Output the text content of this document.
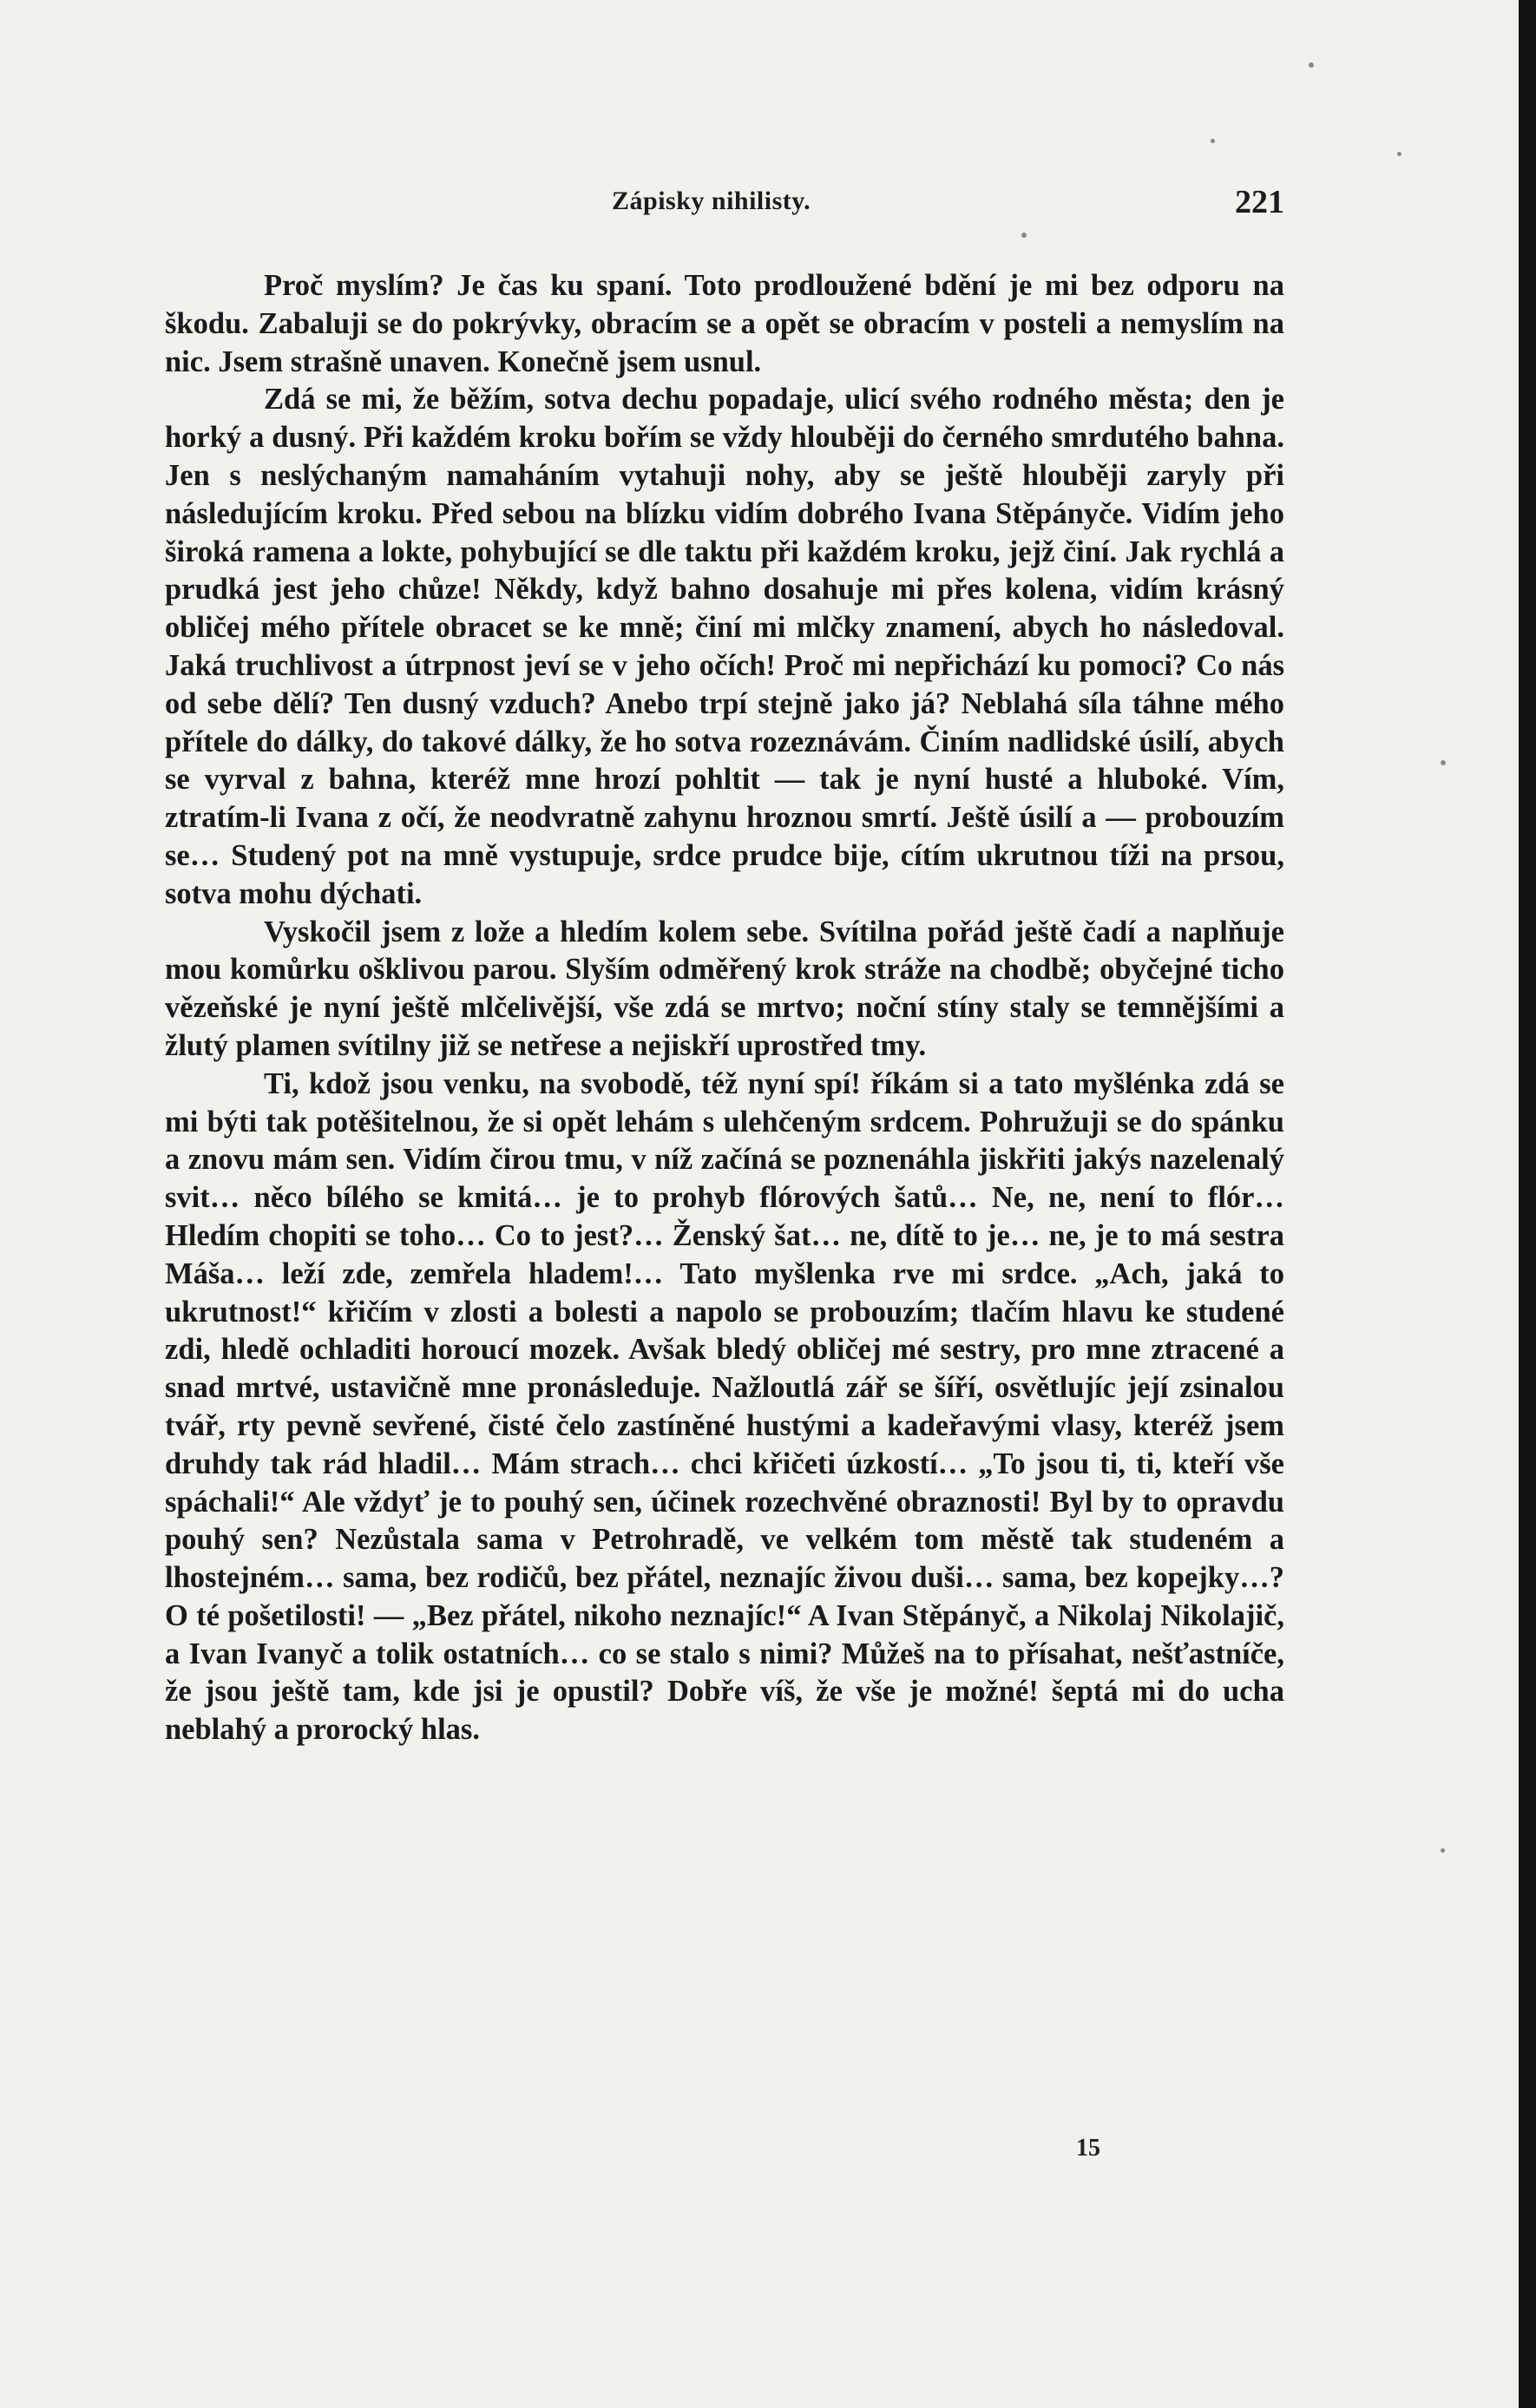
Zápisky nihilisty.	221

Proč myslím? Je čas ku spaní. Toto prodloužené bdění je mi bez odporu na škodu. Zabaluji se do pokrývky, obracím se a opět se obracím v posteli a nemyslím na nic. Jsem strašně unaven. Konečně jsem usnul.

Zdá se mi, že běžím, sotva dechu popadaje, ulicí svého rodného města; den je horký a dusný. Při každém kroku bořím se vždy hlouběji do černého smrdutého bahna. Jen s neslýchaným namaháním vytahuji nohy, aby se ještě hlouběji zaryly při následujícím kroku. Před sebou na blízku vidím dobrého Ivana Stěpányče. Vidím jeho široká ramena a lokte, pohybující se dle taktu při každém kroku, jejž činí. Jak rychlá a prudká jest jeho chůze! Někdy, když bahno dosahuje mi přes kolena, vidím krásný obličej mého přítele obracet se ke mně; činí mi mlčky znamení, abych ho následoval. Jaká truchlivost a útrpnost jeví se v jeho očích! Proč mi nepřichází ku pomoci? Co nás od sebe dělí? Ten dusný vzduch? Anebo trpí stejně jako já? Neblahá síla táhne mého přítele do dálky, do takové dálky, že ho sotva rozeznávám. Činím nadlidské úsilí, abych se vyrval z bahna, kteréž mne hrozí pohltit — tak je nyní husté a hluboké. Vím, ztratím-li Ivana z očí, že neodvratně zahynu hroznou smrtí. Ještě úsilí a — probouzím se… Studený pot na mně vystupuje, srdce prudce bije, cítím ukrutnou tíži na prsou, sotva mohu dýchati.

Vyskočil jsem z lože a hledím kolem sebe. Svítilna pořád ještě čadí a naplňuje mou komůrku ošklivou parou. Slyším odměřený krok stráže na chodbě; obyčejné ticho vězeňské je nyní ještě mlčelivější, vše zdá se mrtvo; noční stíny staly se temnějšími a žlutý plamen svítilny již se netřese a nejiskří uprostřed tmy.

Ti, kdož jsou venku, na svobodě, též nyní spí! říkám si a tato myšlénka zdá se mi býti tak potěšitelnou, že si opět lehám s ulehčeným srdcem. Pohružuji se do spánku a znovu mám sen. Vidím čirou tmu, v níž začíná se poznenáhla jiskřiti jakýs nazelenalý svit… něco bílého se kmitá… je to prohyb flórových šatů… Ne, ne, není to flór… Hledím chopiti se toho… Co to jest?… Ženský šat… ne, dítě to je… ne, je to má sestra Máša… leží zde, zemřela hladem!… Tato myšlenka rve mi srdce. „Ach, jaká to ukrutnost!“ křičím v zlosti a bolesti a napolo se probouzím; tlačím hlavu ke studené zdi, hledě ochladiti horoucí mozek. Avšak bledý obličej mé sestry, pro mne ztracené a snad mrtvé, ustavičně mne pronásleduje. Nažloutlá zář se šíří, osvětlujíc její zsinalou tvář, rty pevně sevřené, čisté čelo zastíněné hustými a kadeřavými vlasy, kteréž jsem druhdy tak rád hladil… Mám strach… chci křičeti úzkostí… „To jsou ti, ti, kteří vše spáchali!“ Ale vždyť je to pouhý sen, účinek rozechvěné obraznosti! Byl by to opravdu pouhý sen? Nezůstala sama v Petrohradě, ve velkém tom městě tak studeném a lhostejném… sama, bez rodičů, bez přátel, neznajíc živou duši… sama, bez kopejky…? O té pošetilosti! — „Bez přátel, nikoho neznajíc!“ A Ivan Stěpányč, a Nikolaj Nikolajič, a Ivan Ivanyč a tolik ostatních… co se stalo s nimi? Můžeš na to přísahat, nešťastníče, že jsou ještě tam, kde jsi je opustil? Dobře víš, že vše je možné! šeptá mi do ucha neblahý a prorocký hlas.

15
